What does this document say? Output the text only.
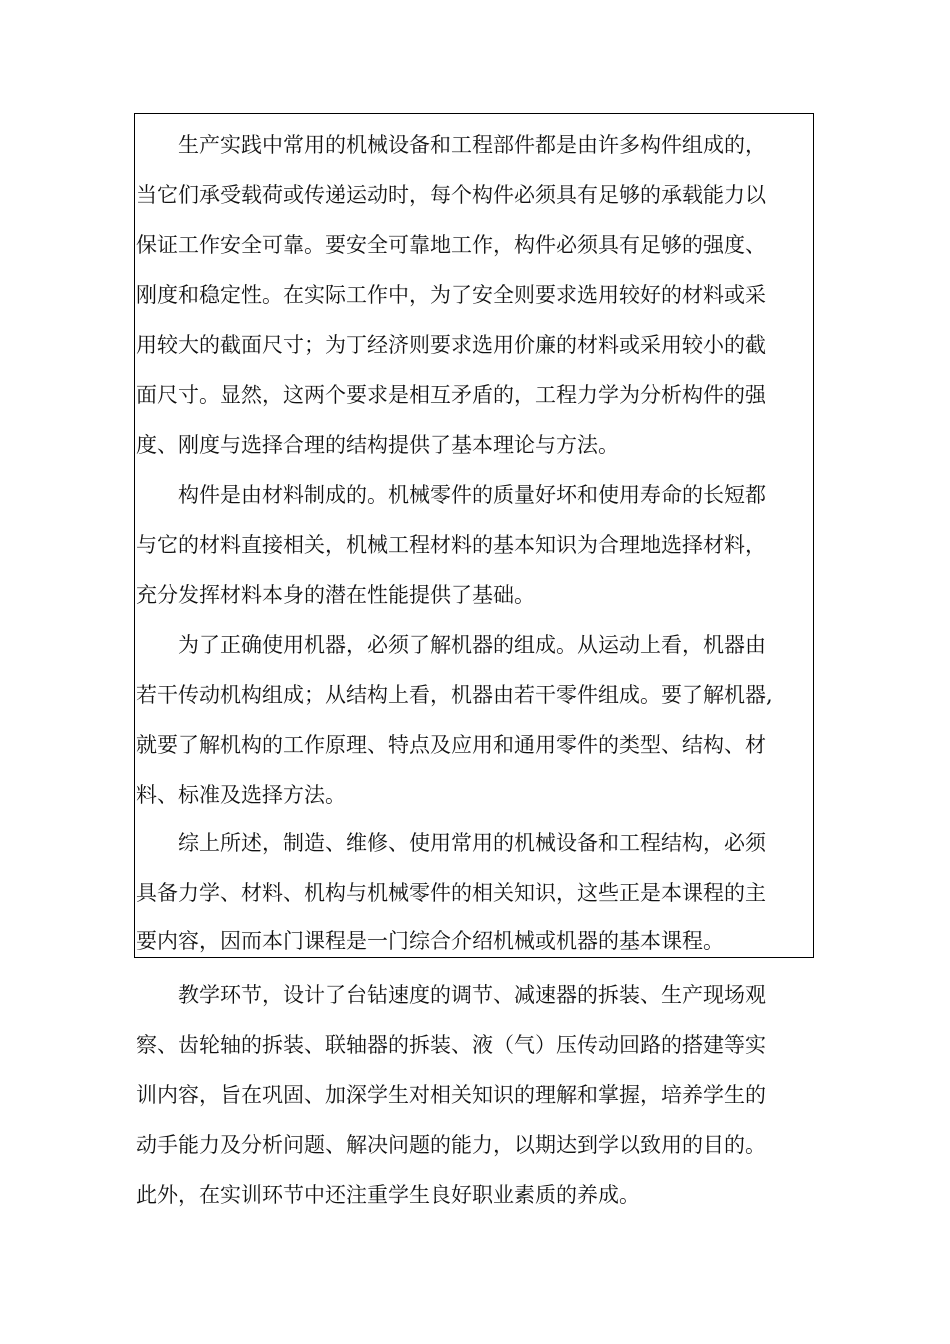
生产实践中常用的机械设备和工程部件都是由许多构件组成的，
当它们承受载荷或传递运动时，每个构件必须具有足够的承载能力以
保证工作安全可靠。要安全可靠地工作，构件必须具有足够的强度、
刚度和稳定性。在实际工作中，为了安全则要求选用较好的材料或采
用较大的截面尺寸；为丁经济则要求选用价廉的材料或采用较小的截
面尺寸。显然，这两个要求是相互矛盾的，工程力学为分析构件的强
度、刚度与选择合理的结构提供了基本理论与方法。
构件是由材料制成的。机械零件的质量好坏和使用寿命的长短都
与它的材料直接相关，机械工程材料的基本知识为合理地选择材料，
充分发挥材料本身的潜在性能提供了基础。
为了正确使用机器，必须了解机器的组成。从运动上看，机器由
若干传动机构组成；从结构上看，机器由若干零件组成。要了解机器,
就要了解机构的工作原理、特点及应用和通用零件的类型、结构、材
料、标准及选择方法。
综上所述，制造、维修、使用常用的机械设备和工程结构，必须
具备力学、材料、机构与机械零件的相关知识，这些正是本课程的主
要内容，因而本门课程是一门综合介绍机械或机器的基本课程。
教学环节，设计了台钻速度的调节、减速器的拆装、生产现场观
察、齿轮轴的拆装、联轴器的拆装、液（气）压传动回路的搭建等实
训内容，旨在巩固、加深学生对相关知识的理解和掌握，培养学生的
动手能力及分析问题、解决问题的能力，以期达到学以致用的目的。
此外，在实训环节中还注重学生良好职业素质的养成。
